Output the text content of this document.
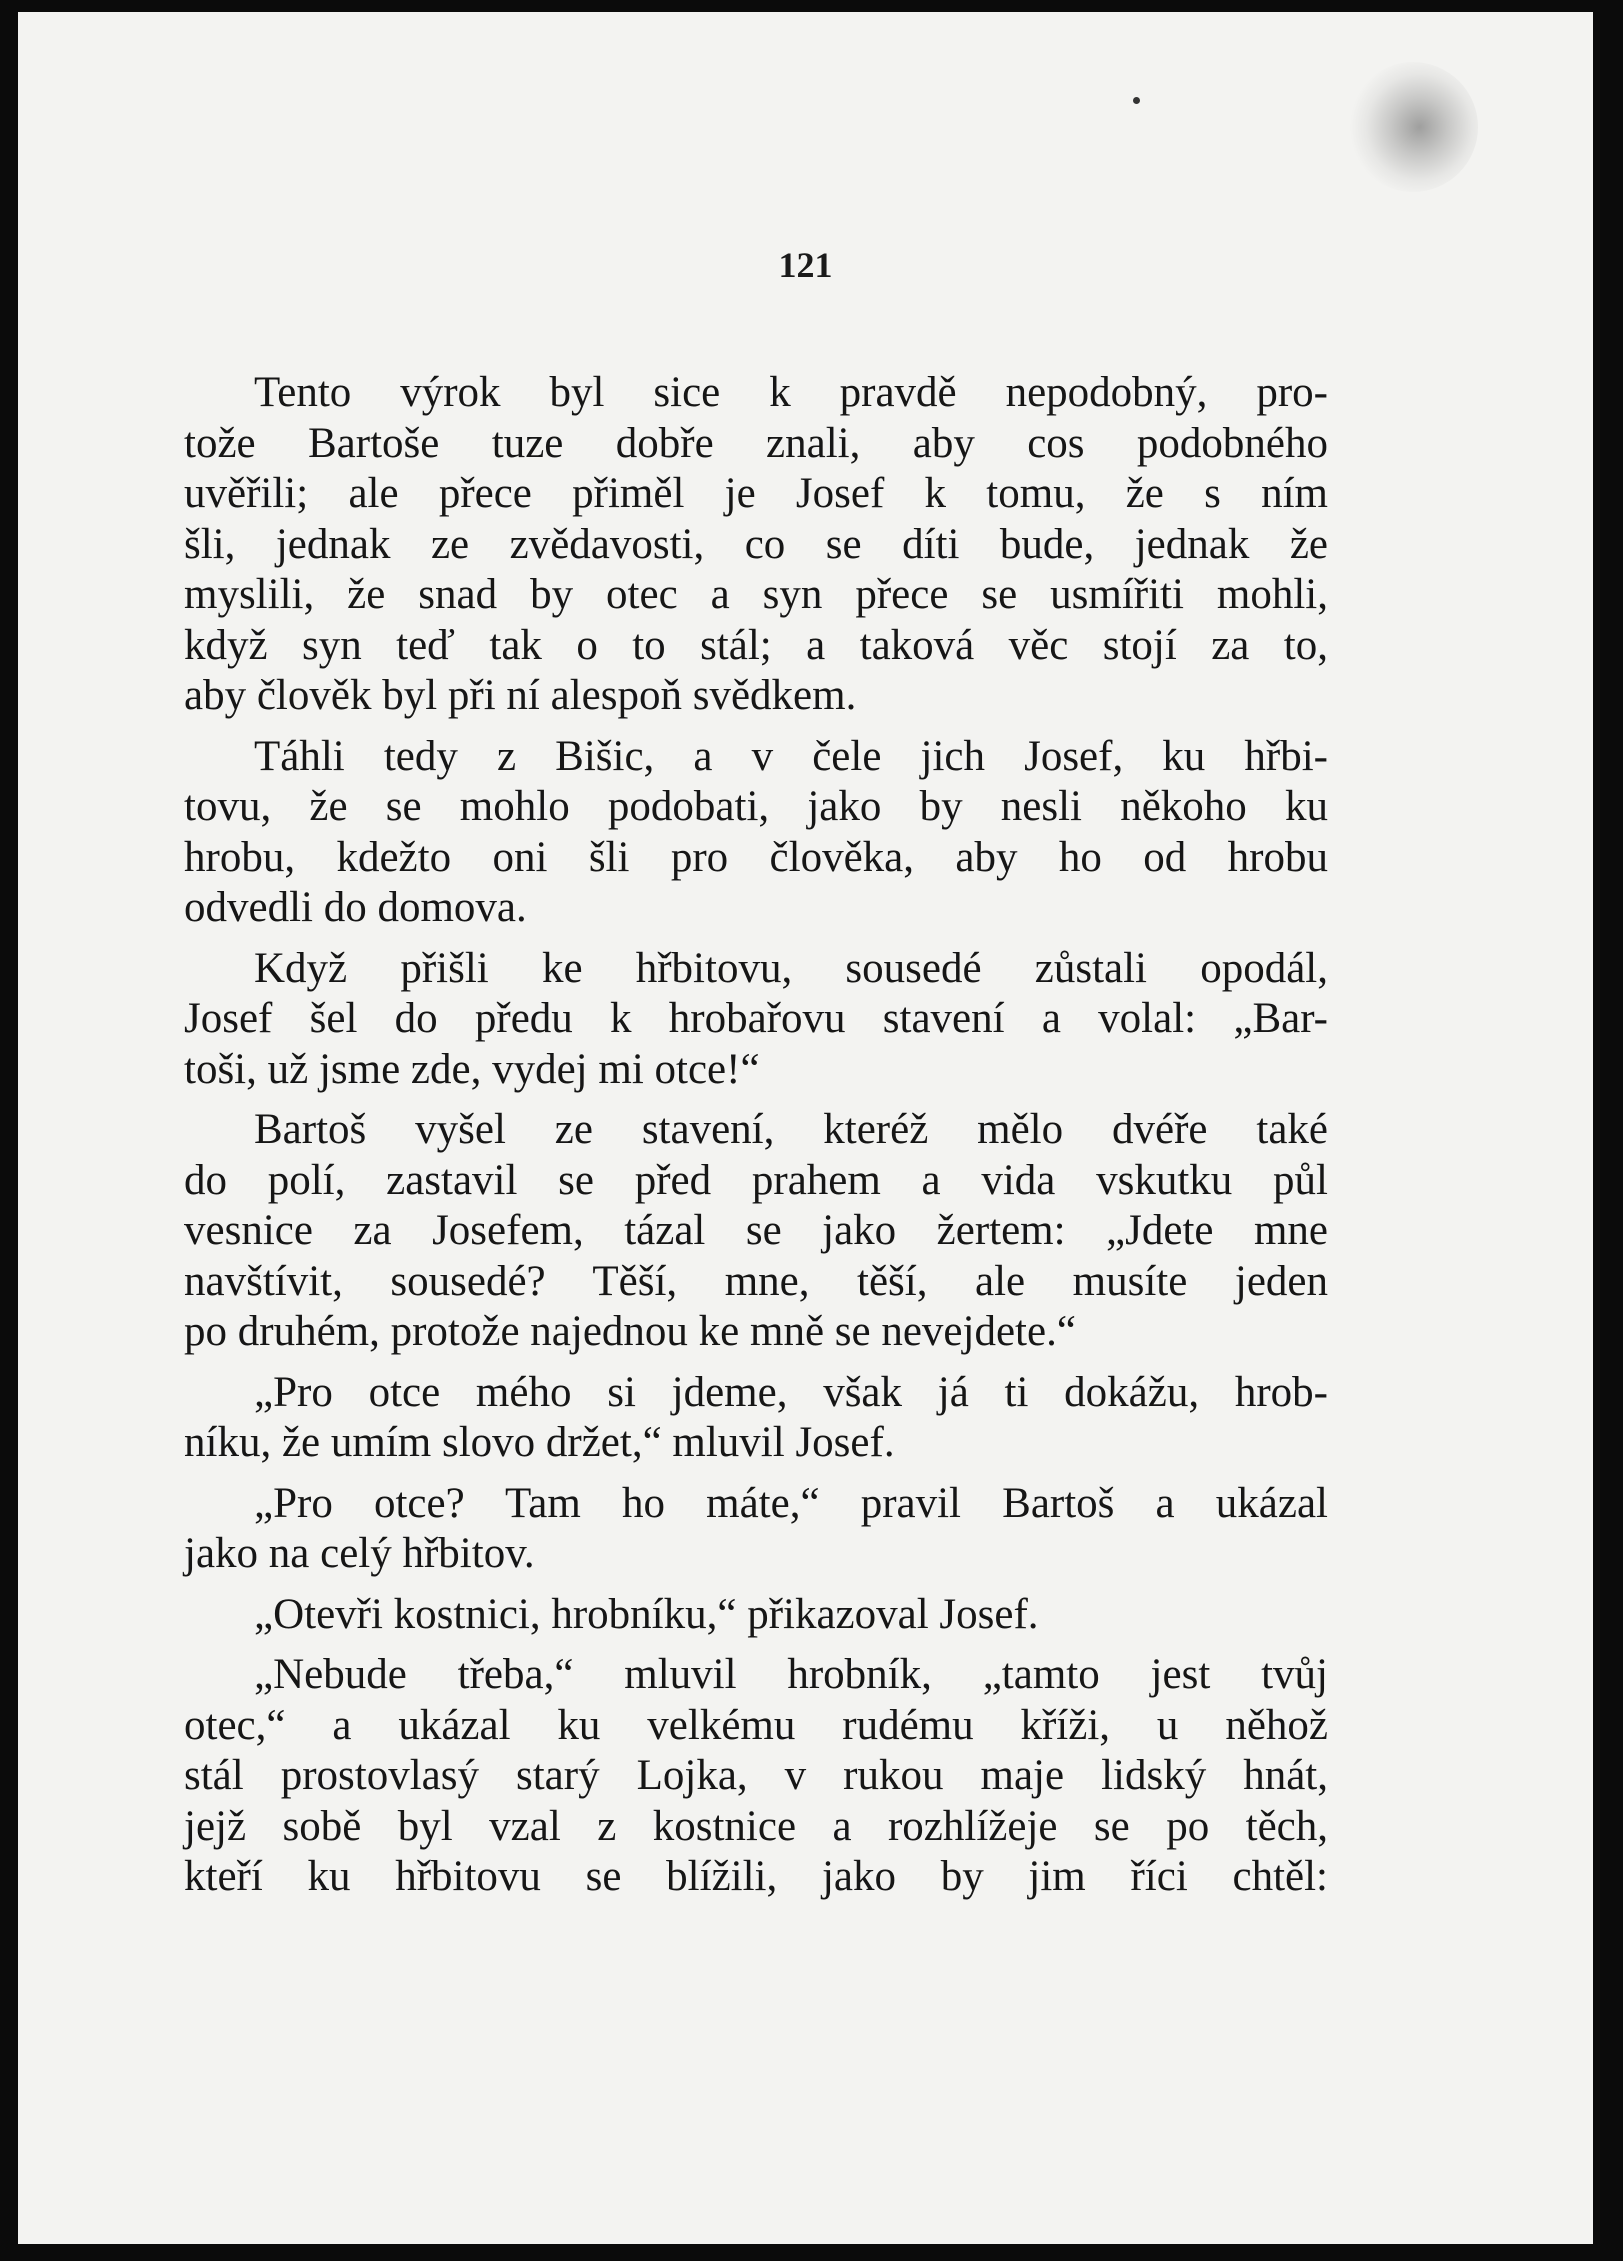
121

Tento výrok byl sice k pravdě nepodobný, pro-
tože Bartoše tuze dobře znali, aby cos podobného
uvěřili; ale přece přiměl je Josef k tomu, že s ním
šli, jednak ze zvědavosti, co se díti bude, jednak že
myslili, že snad by otec a syn přece se usmířiti mohli,
když syn teď tak o to stál; a taková věc stojí za to,
aby člověk byl při ní alespoň svědkem.

Táhli tedy z Bišic, a v čele jich Josef, ku hřbi-
tovu, že se mohlo podobati, jako by nesli někoho ku
hrobu, kdežto oni šli pro člověka, aby ho od hrobu
odvedli do domova.

Když přišli ke hřbitovu, sousedé zůstali opodál,
Josef šel do předu k hrobařovu stavení a volal: „Bar-
toši, už jsme zde, vydej mi otce!“

Bartoš vyšel ze stavení, kteréž mělo dvéře také
do polí, zastavil se před prahem a vida vskutku půl
vesnice za Josefem, tázal se jako žertem: „Jdete mne
navštívit, sousedé? Těší, mne, těší, ale musíte jeden
po druhém, protože najednou ke mně se nevejdete.“

„Pro otce mého si jdeme, však já ti dokážu, hrob-
níku, že umím slovo držet,“ mluvil Josef.

„Pro otce? Tam ho máte,“ pravil Bartoš a ukázal
jako na celý hřbitov.

„Otevři kostnici, hrobníku,“ přikazoval Josef.

„Nebude třeba,“ mluvil hrobník, „tamto jest tvůj
otec,“ a ukázal ku velkému rudému kříži, u něhož
stál prostovlasý starý Lojka, v rukou maje lidský hnát,
jejž sobě byl vzal z kostnice a rozhlížeje se po těch,
kteří ku hřbitovu se blížili, jako by jim říci chtěl:
